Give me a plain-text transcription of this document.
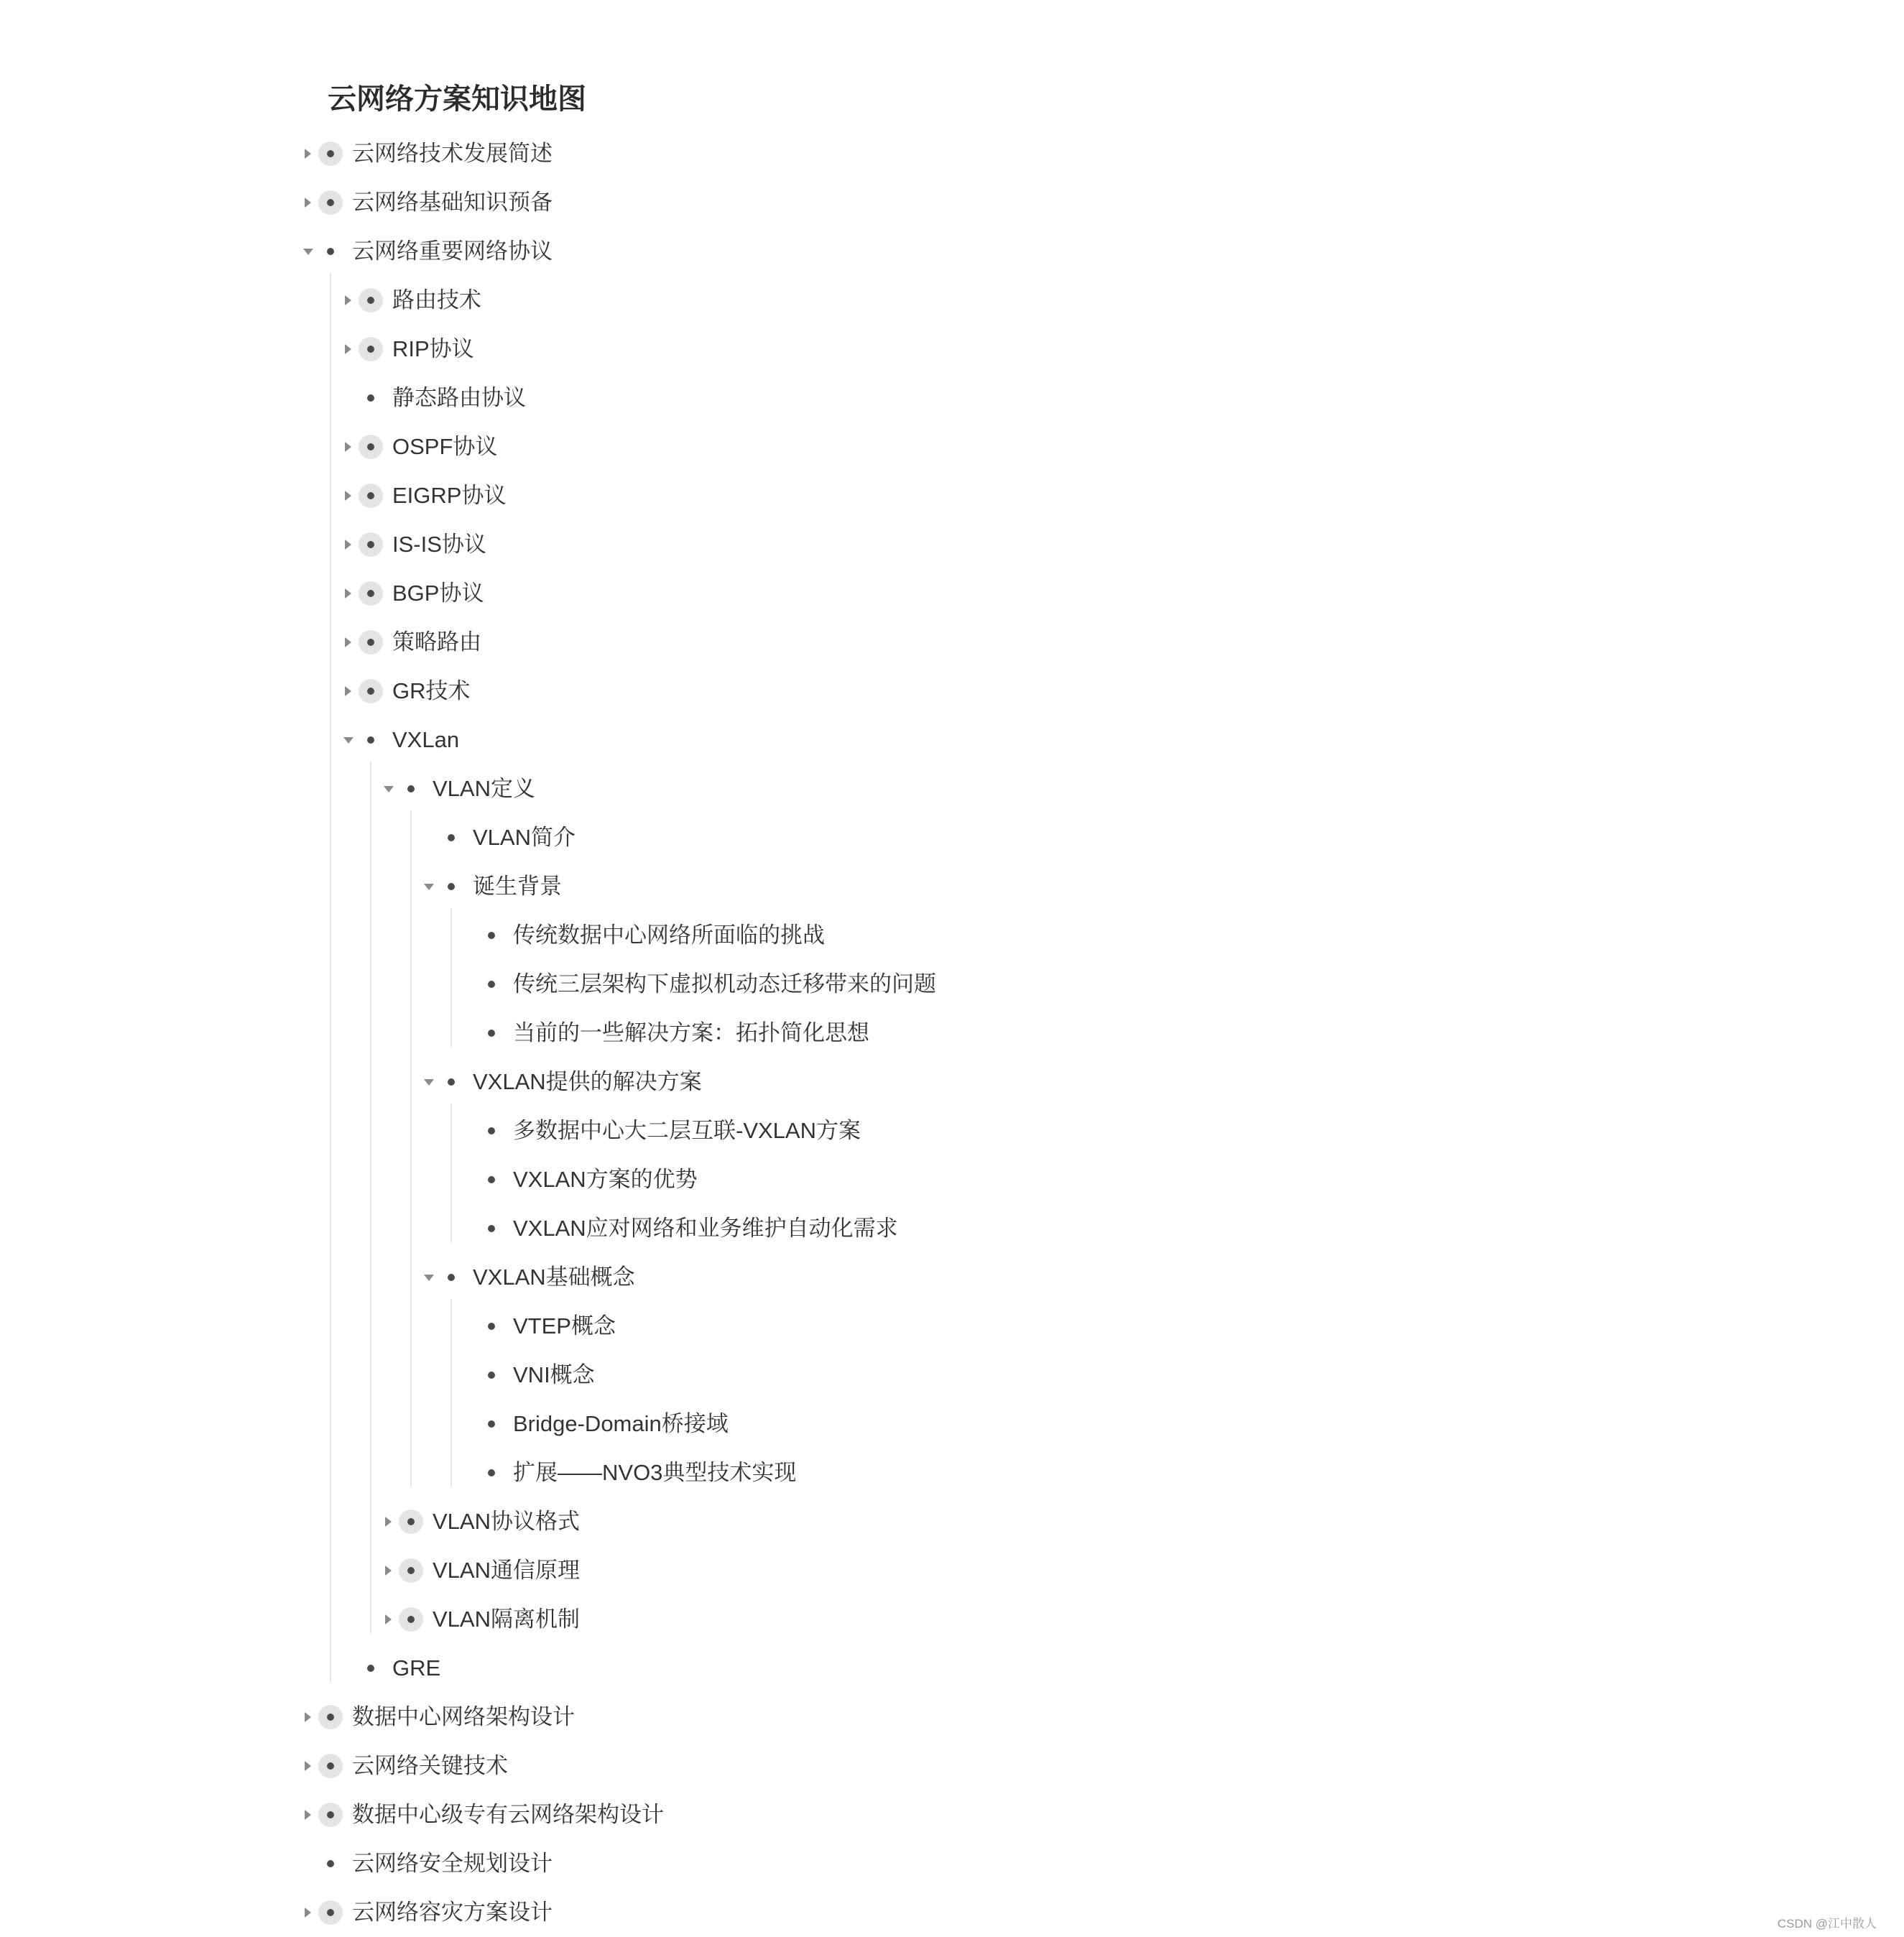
云网络方案知识地图
云网络技术发展简述
云网络基础知识预备
云网络重要网络协议
路由技术
RIP协议
静态路由协议
OSPF协议
EIGRP协议
IS-IS协议
BGP协议
策略路由
GR技术
VXLan
VLAN定义
VLAN简介
诞生背景
传统数据中心网络所面临的挑战
传统三层架构下虚拟机动态迁移带来的问题
当前的一些解决方案：拓扑简化思想
VXLAN提供的解决方案
多数据中心大二层互联-VXLAN方案
VXLAN方案的优势
VXLAN应对网络和业务维护自动化需求
VXLAN基础概念
VTEP概念
VNI概念
Bridge-Domain桥接域
扩展——NVO3典型技术实现
VLAN协议格式
VLAN通信原理
VLAN隔离机制
GRE
数据中心网络架构设计
云网络关键技术
数据中心级专有云网络架构设计
云网络安全规划设计
云网络容灾方案设计	CSDN @江中散人
